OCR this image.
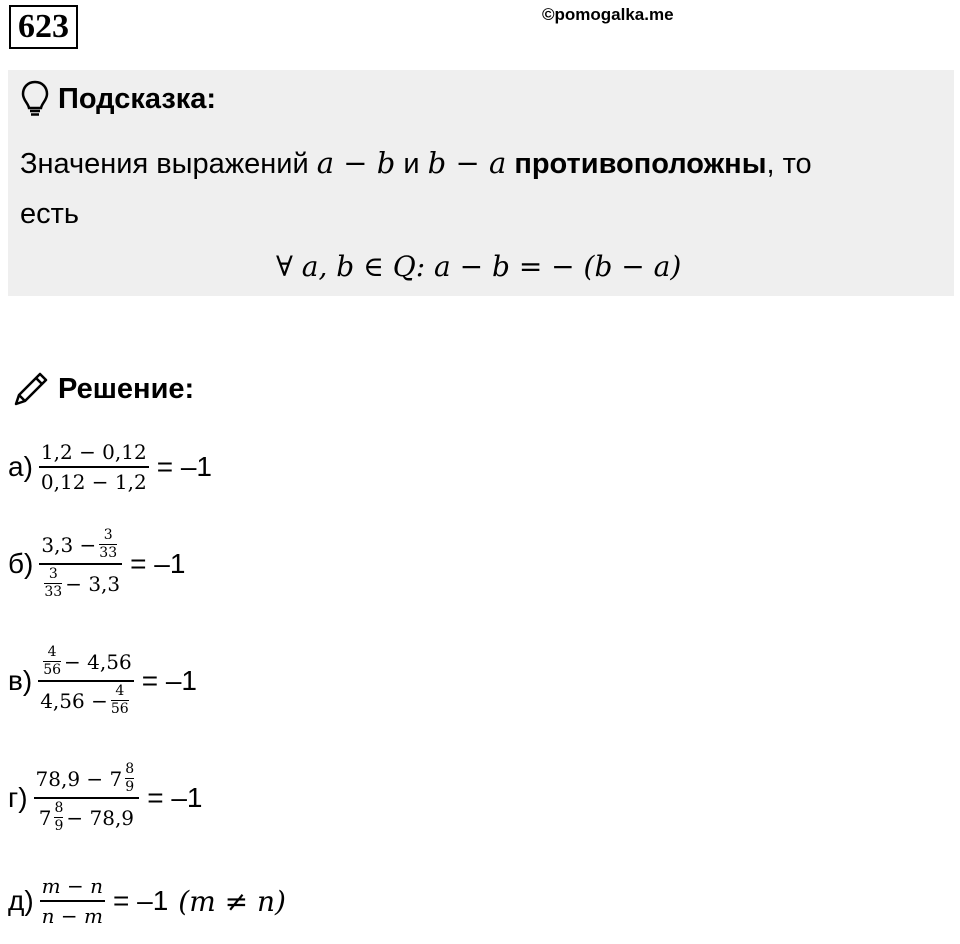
623	©pomogalka.me
Подсказка:
Значения выражений a − b и b − a противоположны, то
есть
∀ a, b ∈ Q: a − b = − (b − a)
Решение:
$а) \frac{1,2 - 0,12}{0,12 - 1,2} = -1$
б) 3,3 − 3
33
3
33 − 3,3 = –1
в) 4
56 − 4,56
4,56 − 4
56 = –1
г) 78,9 − 7 8
9
7 8
9 − 78,9 = –1
$д) \frac{m - n}{n - m} = -1$ (m ≠ n)
